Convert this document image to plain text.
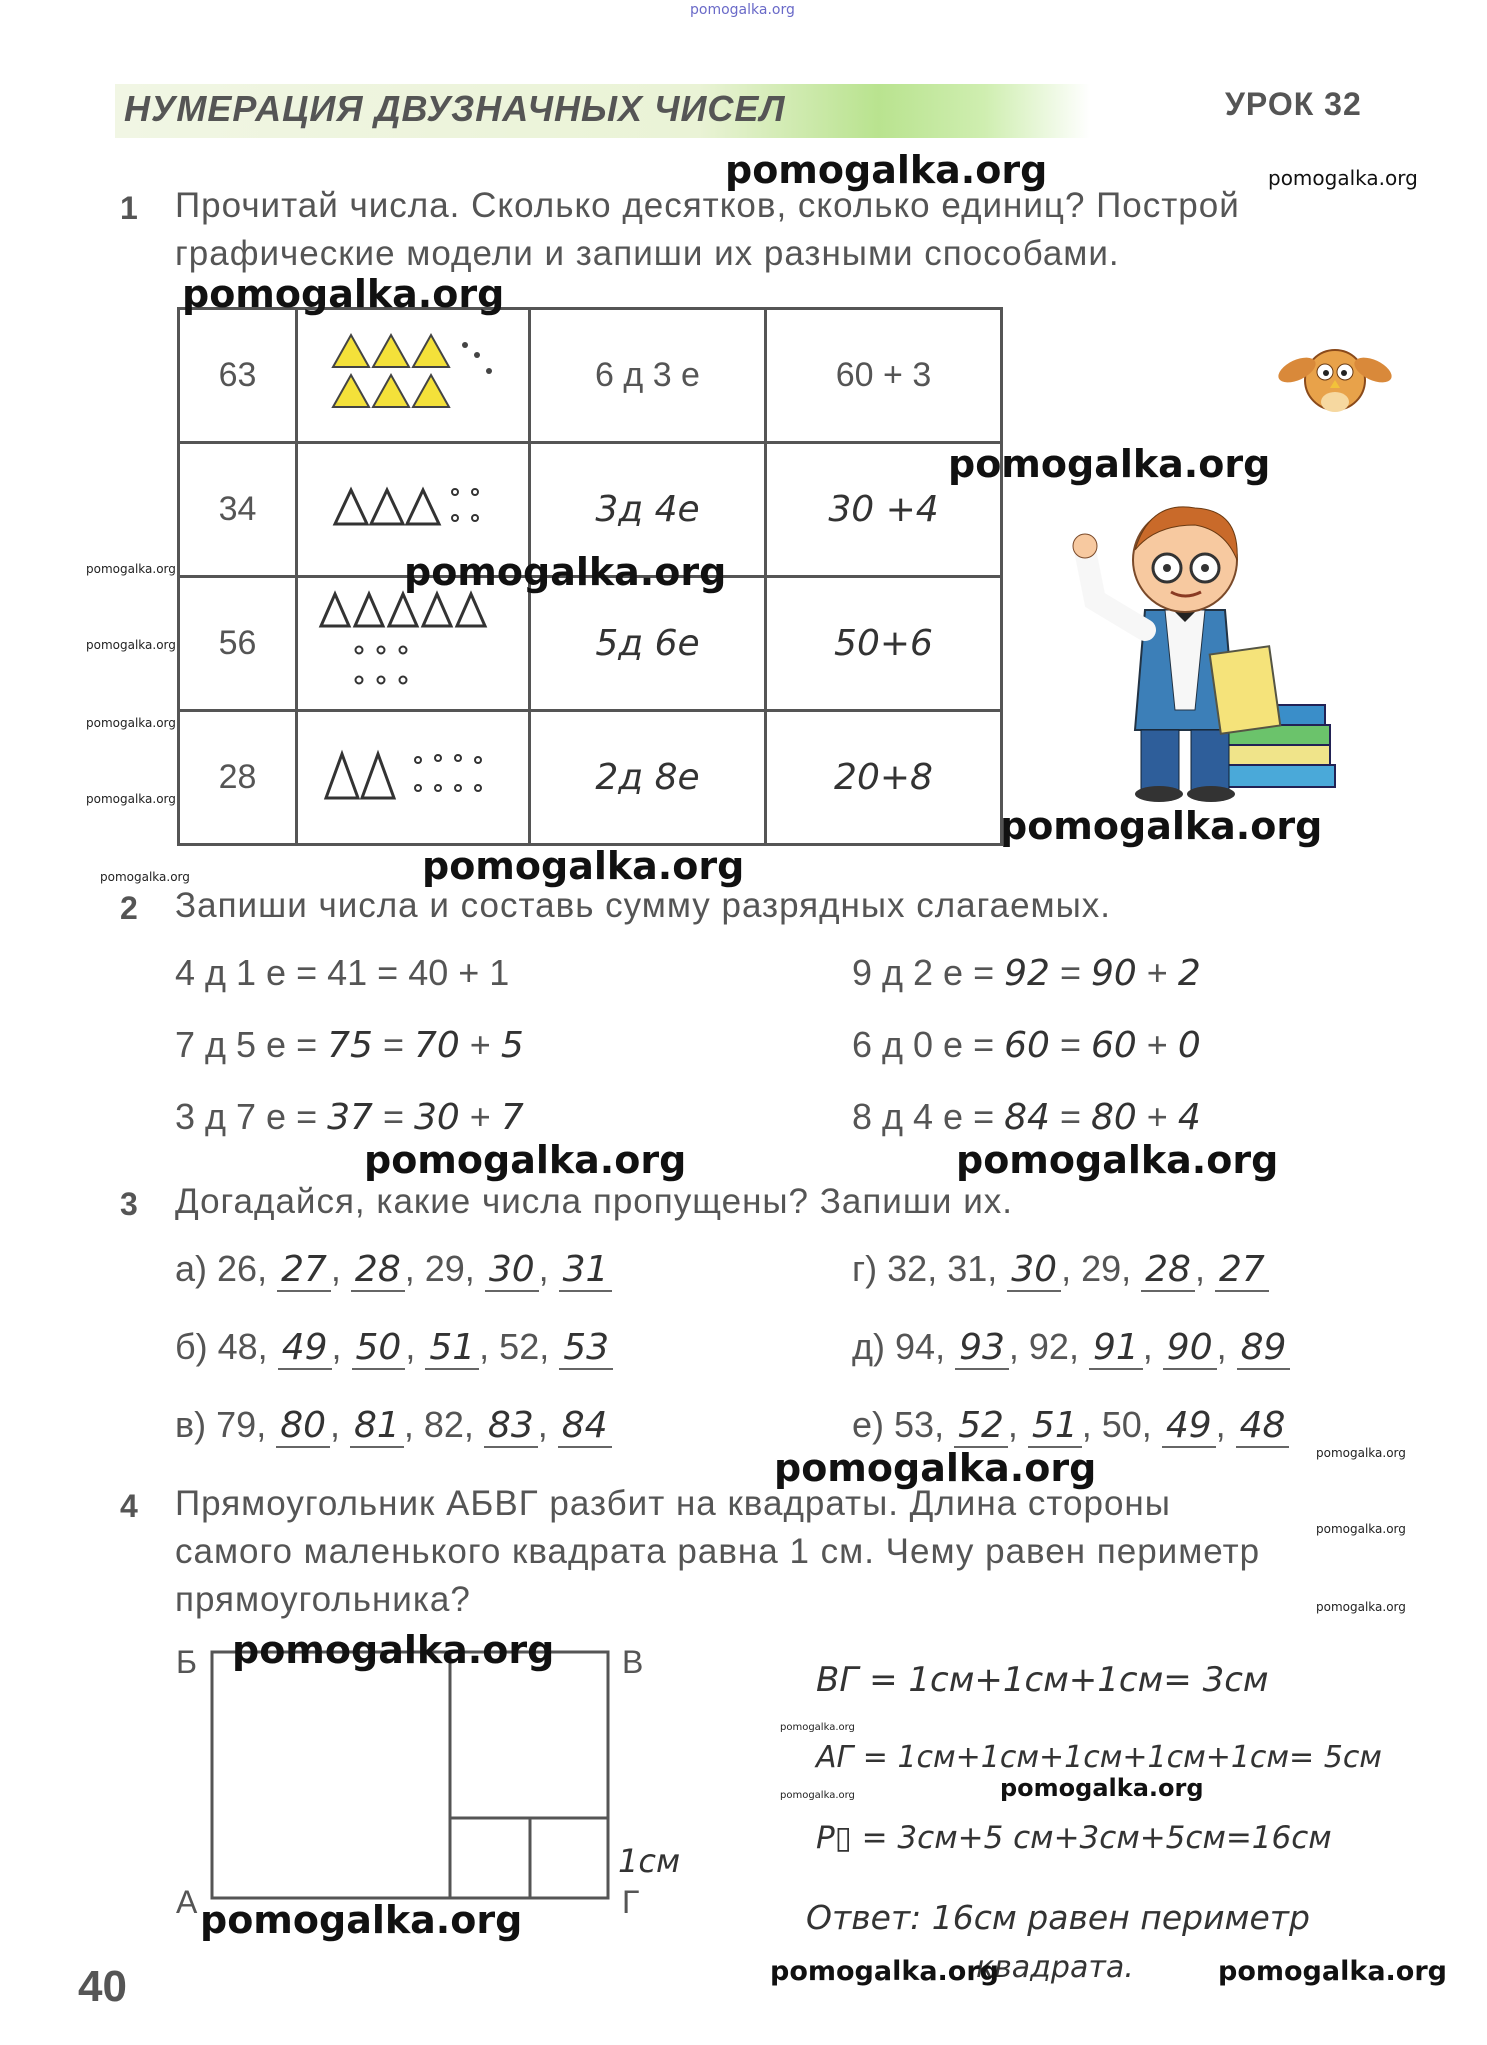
pomogalka.org
НУМЕРАЦИЯ ДВУЗНАЧНЫХ ЧИСЕЛ	УРОК 32
1 Прочитай числа. Сколько десятков, сколько единиц? Построй
графические модели и запиши их разными способами.
63		6 д 3 е	60 + 3
34		3д 4е	30 +4
56		5д 6е	50+6
28		2д 8е	20+8
2 Запиши числа и составь сумму разрядных слагаемых.
4 д 1 е = 41 = 40 + 1
7 д 5 е = 75 = 70 + 5
3 д 7 е = 37 = 30 + 7
9 д 2 е = 92 = 90 + 2
6 д 0 е = 60 = 60 + 0
8 д 4 е = 84 = 80 + 4
3 Догадайся, какие числа пропущены? Запиши их.
а) 26, 27 , 28 , 29, 30 , 31
б) 48, 49 , 50 , 51 , 52, 53
в) 79, 80 , 81 , 82, 83 , 84
г) 32, 31, 30 , 29, 28 , 27
д) 94, 93 , 92, 91 , 90 , 89
е) 53, 52 , 51 , 50, 49 , 48
4 Прямоугольник АБВГ разбит на квадраты. Длина стороны
самого маленького квадрата равна 1 см. Чему равен периметр
прямоугольника?
Б	В
А	Г
1см
ВГ = 1см+1см+1см= 3см
АГ = 1см+1см+1см+1см+1см= 5см
Р▯ = 3см+5 см+3см+5см=16см
Ответ: 16см равен периметр
квадрата.
40
pomogalka.org
pomogalka.org
pomogalka.org
pomogalka.org
pomogalka.org
pomogalka.org
pomogalka.org	pomogalka.org
pomogalka.org
pomogalka.org
pomogalka.org
pomogalka.org
pomogalka.org	pomogalka.org
pomogalka.org
pomogalka.org
pomogalka.org
pomogalka.org
pomogalka.org
pomogalka.org
pomogalka.org
pomogalka.org
pomogalka.org
pomogalka.org
pomogalka.org
